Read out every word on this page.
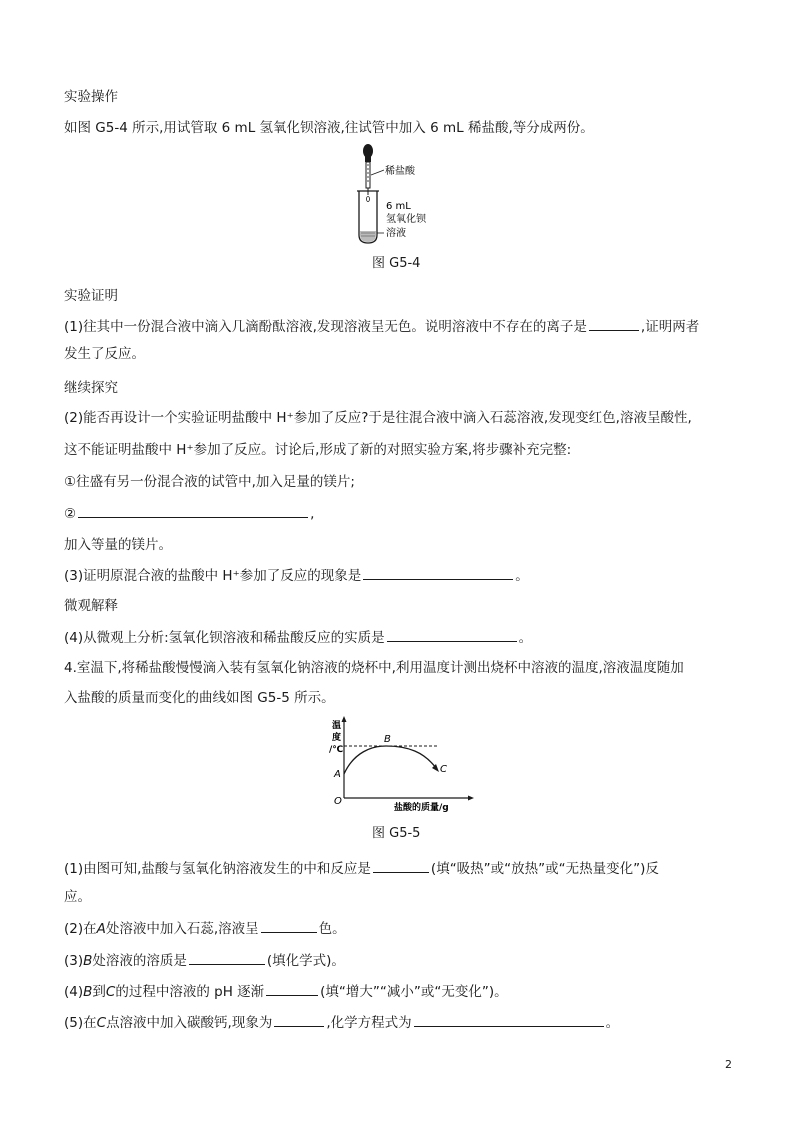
实验操作
如图 G5-4 所示,用试管取 6 mL 氢氧化钡溶液,往试管中加入 6 mL 稀盐酸,等分成两份。
稀盐酸
6 mL
氢氧化钡
溶液
图 G5-4
实验证明
(1)往其中一份混合液中滴入几滴酚酞溶液,发现溶液呈无色。说明溶液中不存在的离子是	,证明两者
发生了反应。
继续探究
(2)能否再设计一个实验证明盐酸中 H⁺参加了反应?于是往混合液中滴入石蕊溶液,发现变红色,溶液呈酸性,
这不能证明盐酸中 H⁺参加了反应。讨论后,形成了新的对照实验方案,将步骤补充完整:
①往盛有另一份混合液的试管中,加入足量的镁片;
②	,
加入等量的镁片。
(3)证明原混合液的盐酸中 H⁺参加了反应的现象是	。
微观解释
(4)从微观上分析:氢氧化钡溶液和稀盐酸反应的实质是	。
4.室温下,将稀盐酸慢慢滴入装有氢氧化钠溶液的烧杯中,利用温度计测出烧杯中溶液的温度,溶液温度随加
入盐酸的质量而变化的曲线如图 G5-5 所示。
温
度
/℃
A
B
C
O
盐酸的质量/g
图 G5-5
(1)由图可知,盐酸与氢氧化钠溶液发生的中和反应是	(填“吸热”或“放热”或“无热量变化”)反
应。
(2)在A处溶液中加入石蕊,溶液呈	色。
(3)B处溶液的溶质是	(填化学式)。
(4)B到C的过程中溶液的 pH 逐渐	(填“增大”“减小”或“无变化”)。
(5)在C点溶液中加入碳酸钙,现象为	,化学方程式为	。
2
